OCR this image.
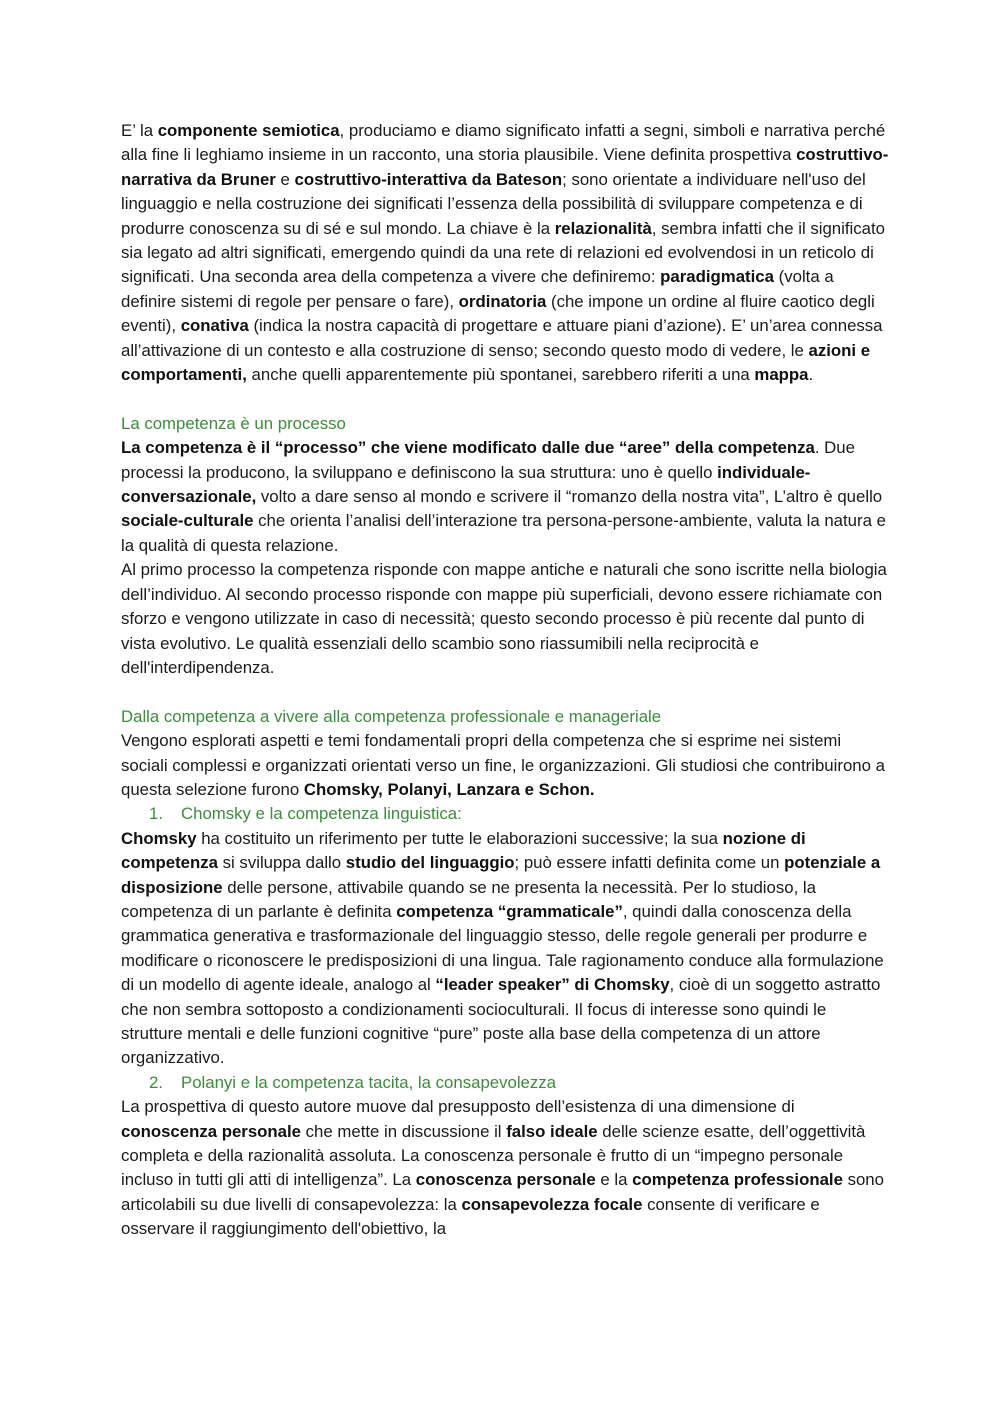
E’ la componente semiotica, produciamo e diamo significato infatti a segni, simboli e narrativa perché alla fine li leghiamo insieme in un racconto, una storia plausibile. Viene definita prospettiva costruttivo-narrativa da Bruner e costruttivo-interattiva da Bateson; sono orientate a individuare nell'uso del linguaggio e nella costruzione dei significati l’essenza della possibilità di sviluppare competenza e di produrre conoscenza su di sé e sul mondo. La chiave è la relazionalità, sembra infatti che il significato sia legato ad altri significati, emergendo quindi da una rete di relazioni ed evolvendosi in un reticolo di significati. Una seconda area della competenza a vivere che definiremo: paradigmatica (volta a definire sistemi di regole per pensare o fare), ordinatoria (che impone un ordine al fluire caotico degli eventi), conativa (indica la nostra capacità di progettare e attuare piani d’azione). E’ un’area connessa all’attivazione di un contesto e alla costruzione di senso; secondo questo modo di vedere, le azioni e comportamenti, anche quelli apparentemente più spontanei, sarebbero riferiti a una mappa.

La competenza è un processo

La competenza è il “processo” che viene modificato dalle due “aree” della competenza. Due processi la producono, la sviluppano e definiscono la sua struttura: uno è quello individuale-conversazionale, volto a dare senso al mondo e scrivere il “romanzo della nostra vita”, L’altro è quello sociale-culturale che orienta l’analisi dell’interazione tra persona-persone-ambiente, valuta la natura e la qualità di questa relazione.

Al primo processo la competenza risponde con mappe antiche e naturali che sono iscritte nella biologia dell’individuo. Al secondo processo risponde con mappe più superficiali, devono essere richiamate con sforzo e vengono utilizzate in caso di necessità; questo secondo processo è più recente dal punto di vista evolutivo. Le qualità essenziali dello scambio sono riassumibili nella reciprocità e dell'interdipendenza.

Dalla competenza a vivere alla competenza professionale e manageriale

Vengono esplorati aspetti e temi fondamentali propri della competenza che si esprime nei sistemi sociali complessi e organizzati orientati verso un fine, le organizzazioni. Gli studiosi che contribuirono a questa selezione furono Chomsky, Polanyi, Lanzara e Schon.

1.	Chomsky e la competenza linguistica:

Chomsky ha costituito un riferimento per tutte le elaborazioni successive; la sua nozione di competenza si sviluppa dallo studio del linguaggio; può essere infatti definita come un potenziale a disposizione delle persone, attivabile quando se ne presenta la necessità. Per lo studioso, la competenza di un parlante è definita competenza “grammaticale”, quindi dalla conoscenza della grammatica generativa e trasformazionale del linguaggio stesso, delle regole generali per produrre e modificare o riconoscere le predisposizioni di una lingua. Tale ragionamento conduce alla formulazione di un modello di agente ideale, analogo al “leader speaker” di Chomsky, cioè di un soggetto astratto che non sembra sottoposto a condizionamenti socioculturali. Il focus di interesse sono quindi le strutture mentali e delle funzioni cognitive “pure” poste alla base della competenza di un attore organizzativo.

2.	Polanyi e la competenza tacita, la consapevolezza

La prospettiva di questo autore muove dal presupposto dell’esistenza di una dimensione di conoscenza personale che mette in discussione il falso ideale delle scienze esatte, dell’oggettività completa e della razionalità assoluta. La conoscenza personale è frutto di un “impegno personale incluso in tutti gli atti di intelligenza”. La conoscenza personale e la competenza professionale sono articolabili su due livelli di consapevolezza: la consapevolezza focale consente di verificare e osservare il raggiungimento dell'obiettivo, la
